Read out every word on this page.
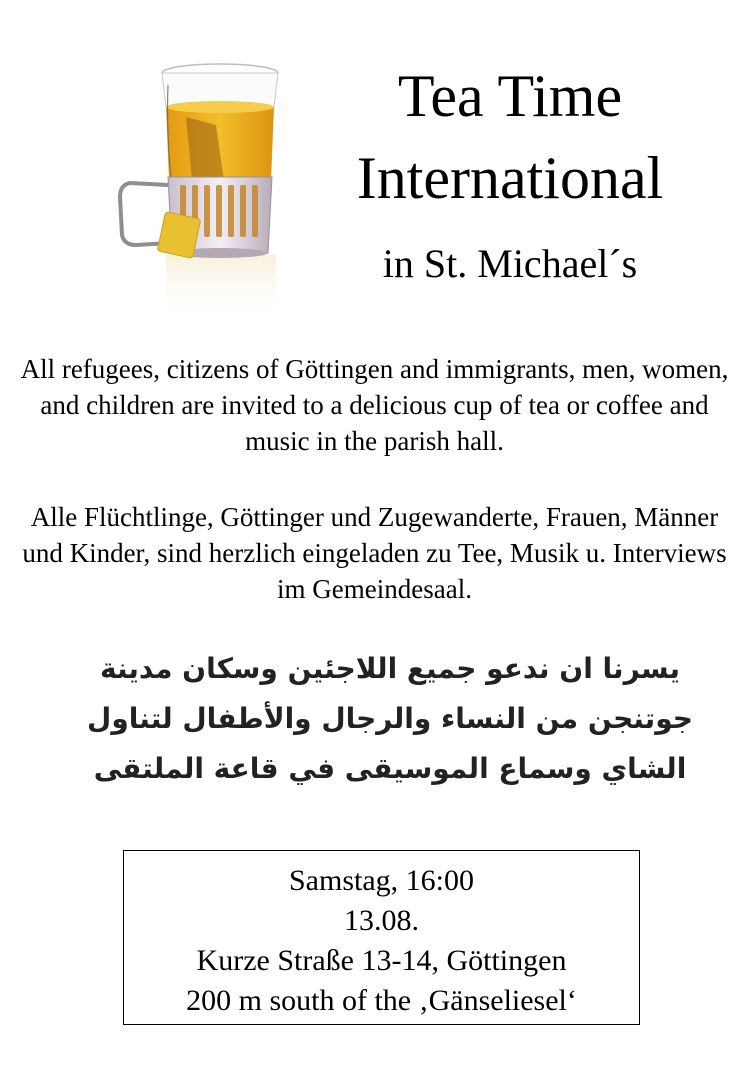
Tea Time
International

in St. Michael´s

All refugees, citizens of Göttingen and immigrants, men, women, and children are invited to a delicious cup of tea or coffee and music in the parish hall.

Alle Flüchtlinge, Göttinger und Zugewanderte, Frauen, Männer und Kinder, sind herzlich eingeladen zu Tee, Musik u. Interviews im Gemeindesaal.

يسرنا ان ندعو جميع اللاجئين وسكان مدينة جوتنجن من النساء والرجال والأطفال لتناول الشاي وسماع الموسيقى في قاعة الملتقى

Samstag, 16:00
13.08.
Kurze Straße 13-14, Göttingen
200 m south of the ‚Gänseliesel‘
